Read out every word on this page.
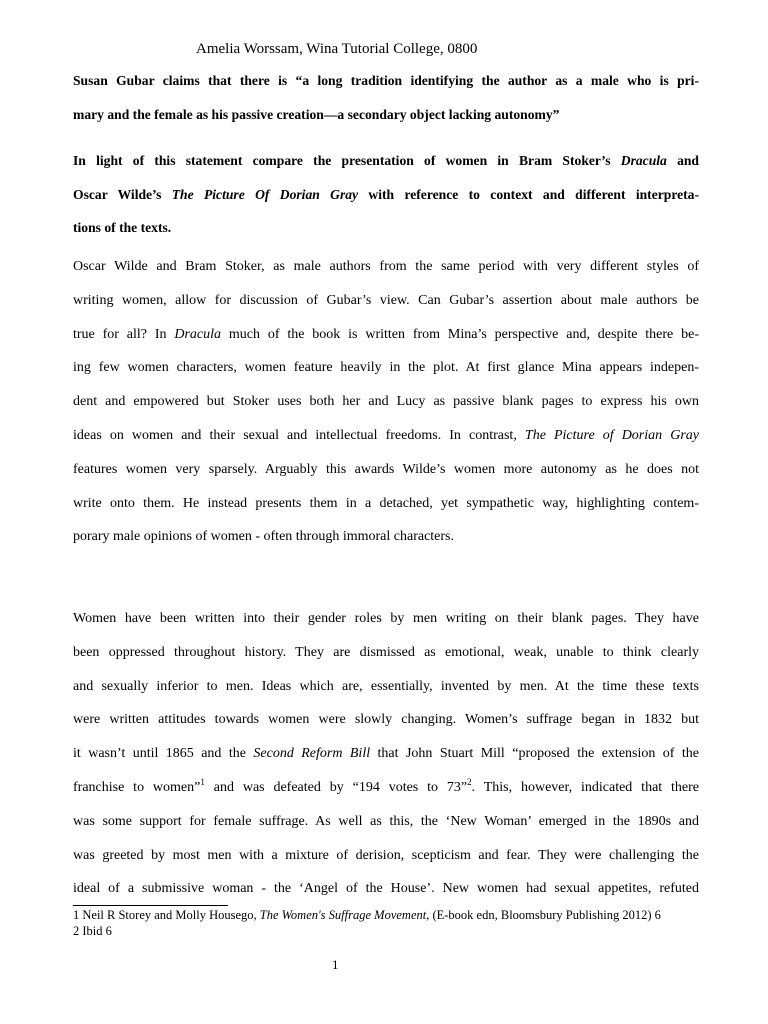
Amelia Worssam, Wina Tutorial College, 0800
Susan Gubar claims that there is “a long tradition identifying the author as a male who is pri-
mary and the female as his passive creation—a secondary object lacking autonomy”
In light of this statement compare the presentation of women in Bram Stoker’s Dracula and
Oscar Wilde’s The Picture Of Dorian Gray with reference to context and different interpreta-
tions of the texts.
Oscar Wilde and Bram Stoker, as male authors from the same period with very different styles of
writing women, allow for discussion of Gubar’s view. Can Gubar’s assertion about male authors be
true for all? In Dracula much of the book is written from Mina’s perspective and, despite there be-
ing few women characters, women feature heavily in the plot. At first glance Mina appears indepen-
dent and empowered but Stoker uses both her and Lucy as passive blank pages to express his own
ideas on women and their sexual and intellectual freedoms. In contrast, The Picture of Dorian Gray
features women very sparsely. Arguably this awards Wilde’s women more autonomy as he does not
write onto them. He instead presents them in a detached, yet sympathetic way, highlighting contem-
porary male opinions of women - often through immoral characters.
Women have been written into their gender roles by men writing on their blank pages. They have
been oppressed throughout history. They are dismissed as emotional, weak, unable to think clearly
and sexually inferior to men. Ideas which are, essentially, invented by men. At the time these texts
were written attitudes towards women were slowly changing. Women’s suffrage began in 1832 but
it wasn’t until 1865 and the Second Reform Bill that John Stuart Mill “proposed the extension of the
franchise to women”$^1$ and was defeated by “194 votes to 73”$^2$. This, however, indicated that there
was some support for female suffrage. As well as this, the ‘New Woman’ emerged in the 1890s and
was greeted by most men with a mixture of derision, scepticism and fear. They were challenging the
ideal of a submissive woman - the ‘Angel of the House’. New women had sexual appetites, refuted
1 Neil R Storey and Molly Housego, The Women's Suffrage Movement, (E-book edn, Bloomsbury Publishing 2012) 6
2 Ibid 6
1
